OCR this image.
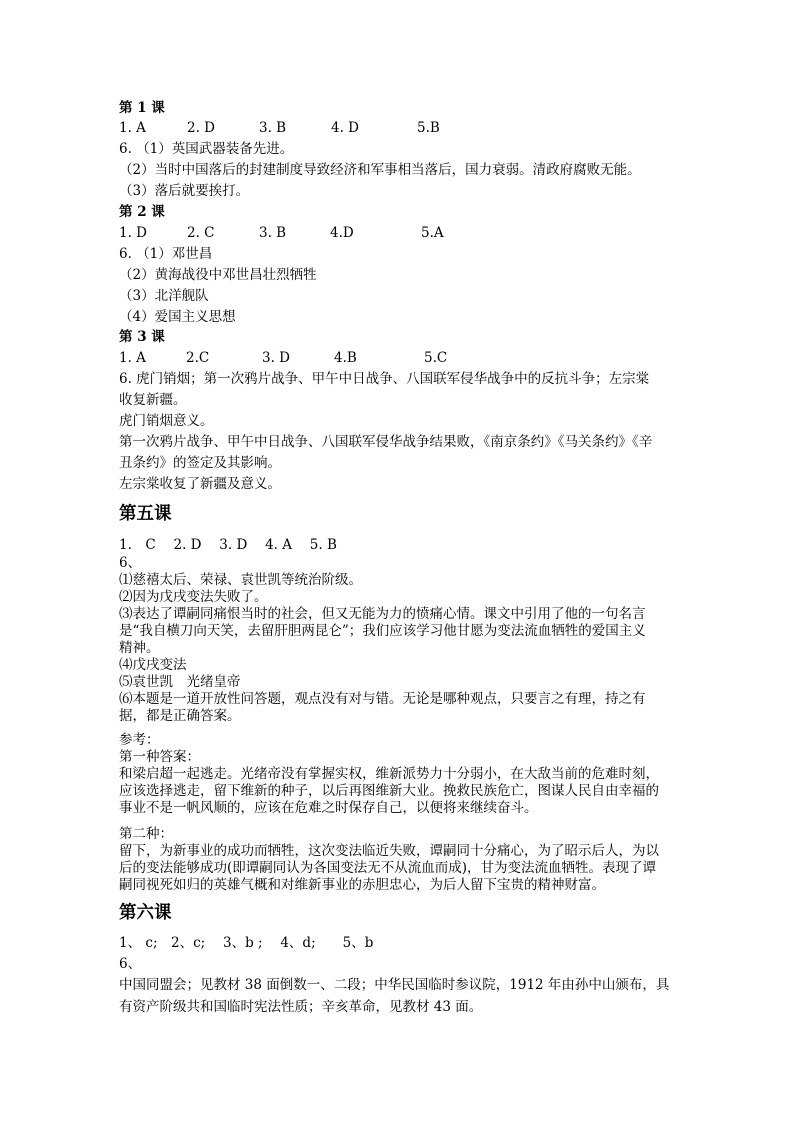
第 1 课
1. A	2. D	3. B	4. D	5.B
6. （1）英国武器装备先进。
（2）当时中国落后的封建制度导致经济和军事相当落后，国力衰弱。清政府腐败无能。
（3）落后就要挨打。
第 2 课
1. D	2. C	3. B	4.D	5.A
6. （1）邓世昌
（2）黄海战役中邓世昌壮烈牺牲
（3）北洋舰队
（4）爱国主义思想
第 3 课
1. A	2.C	3. D	4.B	5.C
6. 虎门销烟；第一次鸦片战争、甲午中日战争、八国联军侵华战争中的反抗斗争；左宗棠
收复新疆。
虎门销烟意义。
第一次鸦片战争、甲午中日战争、八国联军侵华战争结果败，《南京条约》《马关条约》《辛
丑条约》的签定及其影响。
左宗棠收复了新疆及意义。
第五课
1.　C　 2. D　 3. D　 4. A　 5. B
6、
⑴慈禧太后、荣禄、袁世凯等统治阶级。
⑵因为戊戌变法失败了。
⑶表达了谭嗣同痛恨当时的社会，但又无能为力的愤痛心情。课文中引用了他的一句名言
是“我自横刀向天笑，去留肝胆两昆仑”；我们应该学习他甘愿为变法流血牺牲的爱国主义
精神。
⑷戊戌变法
⑸袁世凯　光绪皇帝
⑹本题是一道开放性问答题，观点没有对与错。无论是哪种观点，只要言之有理，持之有
据，都是正确答案。
参考：
第一种答案：
和梁启超一起逃走。光绪帝没有掌握实权，维新派势力十分弱小，在大敌当前的危难时刻，
应该选择逃走，留下维新的种子，以后再图维新大业。挽救民族危亡，图谋人民自由幸福的
事业不是一帆风顺的，应该在危难之时保存自己，以便将来继续奋斗。
第二种：
留下，为新事业的成功而牺牲，这次变法临近失败，谭嗣同十分痛心，为了昭示后人，为以
后的变法能够成功(即谭嗣同认为各国变法无不从流血而成)，甘为变法流血牺牲。表现了谭
嗣同视死如归的英雄气概和对维新事业的赤胆忠心，为后人留下宝贵的精神财富。
第六课
1、 c;　2、c;　 3、b ;　 4、d;　　5、b
6、
中国同盟会；见教材 38 面倒数一、二段；中华民国临时参议院，1912 年由孙中山颁布，具
有资产阶级共和国临时宪法性质；辛亥革命，见教材 43 面。
